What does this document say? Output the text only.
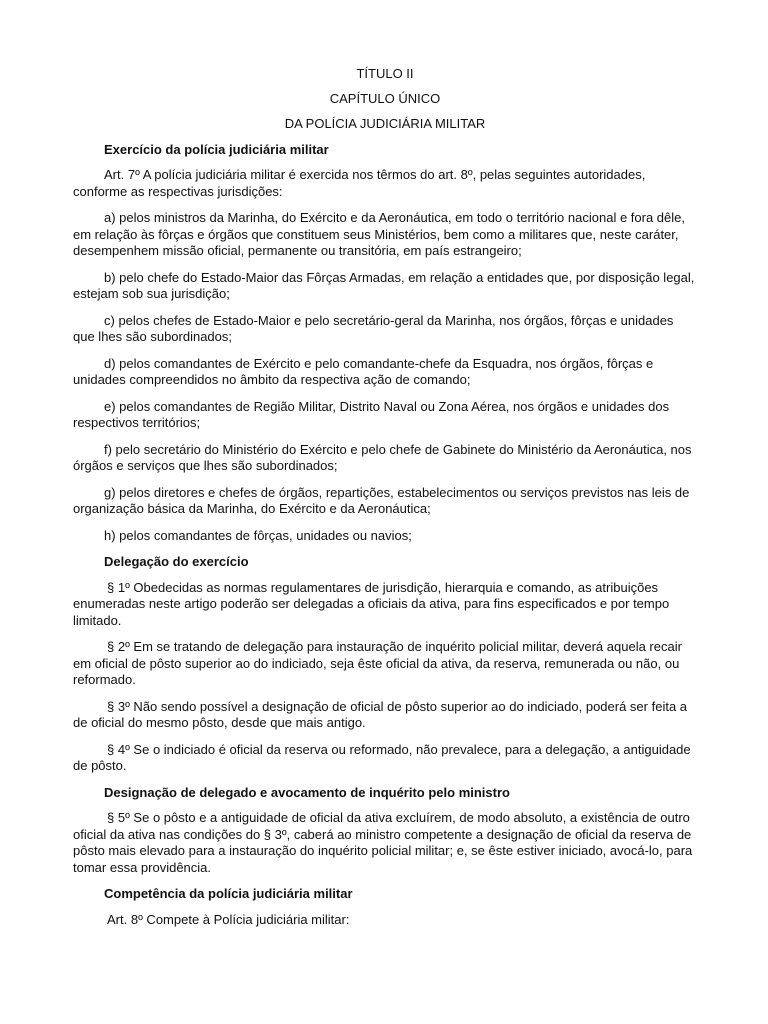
TÍTULO II
CAPÍTULO ÚNICO
DA POLÍCIA JUDICIÁRIA MILITAR
Exercício da polícia judiciária militar
Art. 7º A polícia judiciária militar é exercida nos têrmos do art. 8º, pelas seguintes autoridades, conforme as respectivas jurisdições:
a) pelos ministros da Marinha, do Exército e da Aeronáutica, em todo o território nacional e fora dêle, em relação às fôrças e órgãos que constituem seus Ministérios, bem como a militares que, neste caráter, desempenhem missão oficial, permanente ou transitória, em país estrangeiro;
b) pelo chefe do Estado-Maior das Fôrças Armadas, em relação a entidades que, por disposição legal, estejam sob sua jurisdição;
c) pelos chefes de Estado-Maior e pelo secretário-geral da Marinha, nos órgãos, fôrças e unidades que lhes são subordinados;
d) pelos comandantes de Exército e pelo comandante-chefe da Esquadra, nos órgãos, fôrças e unidades compreendidos no âmbito da respectiva ação de comando;
e) pelos comandantes de Região Militar, Distrito Naval ou Zona Aérea, nos órgãos e unidades dos respectivos territórios;
f) pelo secretário do Ministério do Exército e pelo chefe de Gabinete do Ministério da Aeronáutica, nos órgãos e serviços que lhes são subordinados;
g) pelos diretores e chefes de órgãos, repartições, estabelecimentos ou serviços previstos nas leis de organização básica da Marinha, do Exército e da Aeronáutica;
h) pelos comandantes de fôrças, unidades ou navios;
Delegação do exercício
§ 1º Obedecidas as normas regulamentares de jurisdição, hierarquia e comando, as atribuições enumeradas neste artigo poderão ser delegadas a oficiais da ativa, para fins especificados e por tempo limitado.
§ 2º Em se tratando de delegação para instauração de inquérito policial militar, deverá aquela recair em oficial de pôsto superior ao do indiciado, seja êste oficial da ativa, da reserva, remunerada ou não, ou reformado.
§ 3º Não sendo possível a designação de oficial de pôsto superior ao do indiciado, poderá ser feita a de oficial do mesmo pôsto, desde que mais antigo.
§ 4º Se o indiciado é oficial da reserva ou reformado, não prevalece, para a delegação, a antiguidade de pôsto.
Designação de delegado e avocamento de inquérito pelo ministro
§ 5º Se o pôsto e a antiguidade de oficial da ativa excluírem, de modo absoluto, a existência de outro oficial da ativa nas condições do § 3º, caberá ao ministro competente a designação de oficial da reserva de pôsto mais elevado para a instauração do inquérito policial militar; e, se êste estiver iniciado, avocá-lo, para tomar essa providência.
Competência da polícia judiciária militar
Art. 8º Compete à Polícia judiciária militar:
